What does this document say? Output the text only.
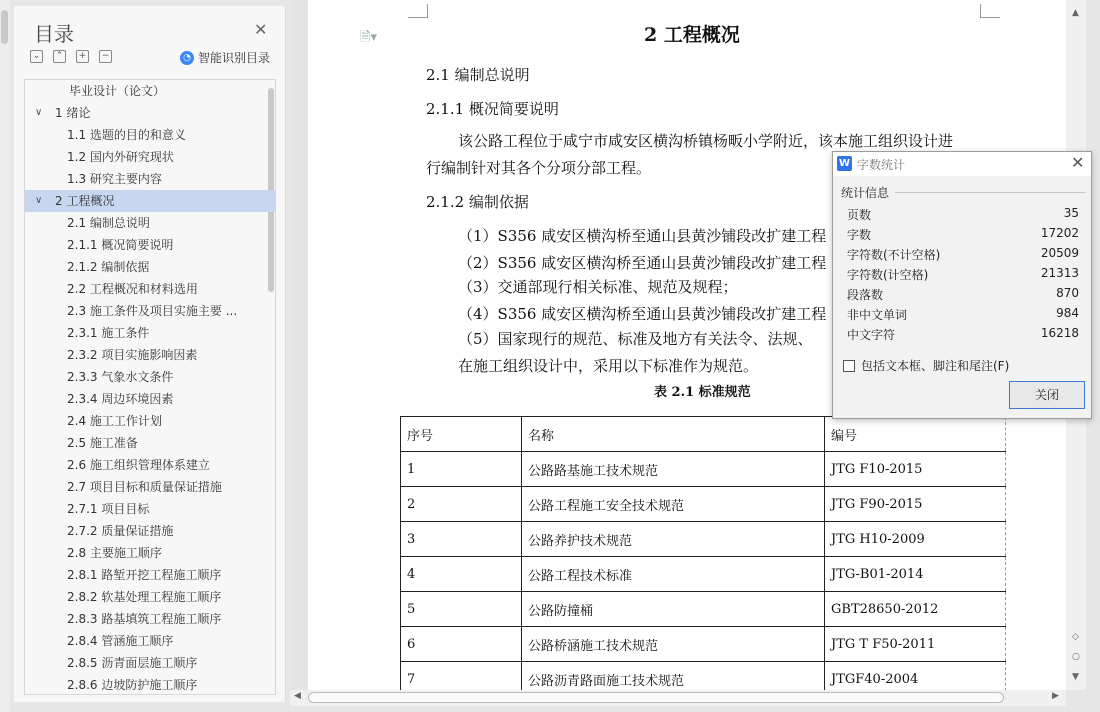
目录	✕
⌄	⌃	+	−	◔ 智能识别目录
毕业设计（论文）
∨ 1 绪论
1.1 选题的目的和意义
1.2 国内外研究现状
1.3 研究主要内容
∨ 2 工程概况
2.1 编制总说明
2.1.1 概况简要说明
2.1.2 编制依据
2.2 工程概况和材料选用
2.3 施工条件及项目实施主要 ...
2.3.1 施工条件
2.3.2 项目实施影响因素
2.3.3 气象水文条件
2.3.4 周边环境因素
2.4 施工工作计划
2.5 施工准备
2.6 施工组织管理体系建立
2.7 项目目标和质量保证措施
2.7.1 项目目标
2.7.2 质量保证措施
2.8 主要施工顺序
2.8.1 路堑开挖工程施工顺序
2.8.2 软基处理工程施工顺序
2.8.3 路基填筑工程施工顺序
2.8.4 管涵施工顺序
2.8.5 沥青面层施工顺序
2.8.6 边坡防护施工顺序
🗎▾	2 工程概况
2.1 编制总说明
2.1.1 概况简要说明
该公路工程位于咸宁市咸安区横沟桥镇杨畈小学附近，该本施工组织设计进
行编制针对其各个分项分部工程。
2.1.2 编制依据
（1）S356 咸安区横沟桥至通山县黄沙铺段改扩建工程
（2）S356 咸安区横沟桥至通山县黄沙铺段改扩建工程
（3）交通部现行相关标准、规范及规程；
（4）S356 咸安区横沟桥至通山县黄沙铺段改扩建工程
（5）国家现行的规范、标准及地方有关法令、法规、
在施工组织设计中，采用以下标准作为规范。
表 2.1 标准规范
序号	名称	编号
1	公路路基施工技术规范	JTG F10-2015
2	公路工程施工安全技术规范	JTG F90-2015
3	公路养护技术规范	JTG H10-2009
4	公路工程技术标准	JTG-B01-2014
5	公路防撞桶	GBT28650-2012
6	公路桥涵施工技术规范	JTG T F50-2011
7	公路沥青路面施工技术规范	JTGF40-2004
▲
◇
○
▼
◀	▶
W 字数统计	✕
统计信息
页数	35
字数	17202
字符数(不计空格)	20509
字符数(计空格)	21313
段落数	870
非中文单词	984
中文字符	16218
包括文本框、脚注和尾注(F)
关闭
